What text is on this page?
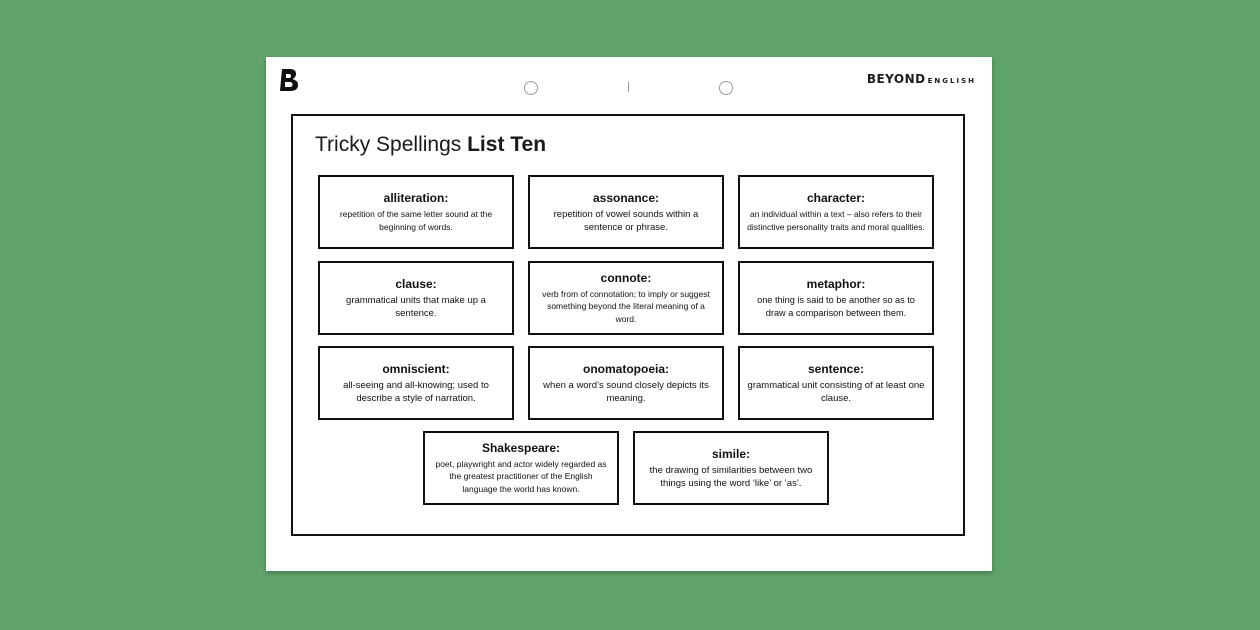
BEYOND ENGLISH
Tricky Spellings List Ten
alliteration:
repetition of the same letter sound at the beginning of words.
assonance:
repetition of vowel sounds within a sentence or phrase.
character:
an individual within a text – also refers to their distinctive personality traits and moral qualities.
clause:
grammatical units that make up a sentence.
connote:
verb from of connotation; to imply or suggest something beyond the literal meaning of a word.
metaphor:
one thing is said to be another so as to draw a comparison between them.
omniscient:
all-seeing and all-knowing; used to describe a style of narration.
onomatopoeia:
when a word’s sound closely depicts its meaning.
sentence:
grammatical unit consisting of at least one clause.
Shakespeare:
poet, playwright and actor widely regarded as the greatest practitioner of the English language the world has known.
simile:
the drawing of similarities between two things using the word ‘like’ or ‘as’.
